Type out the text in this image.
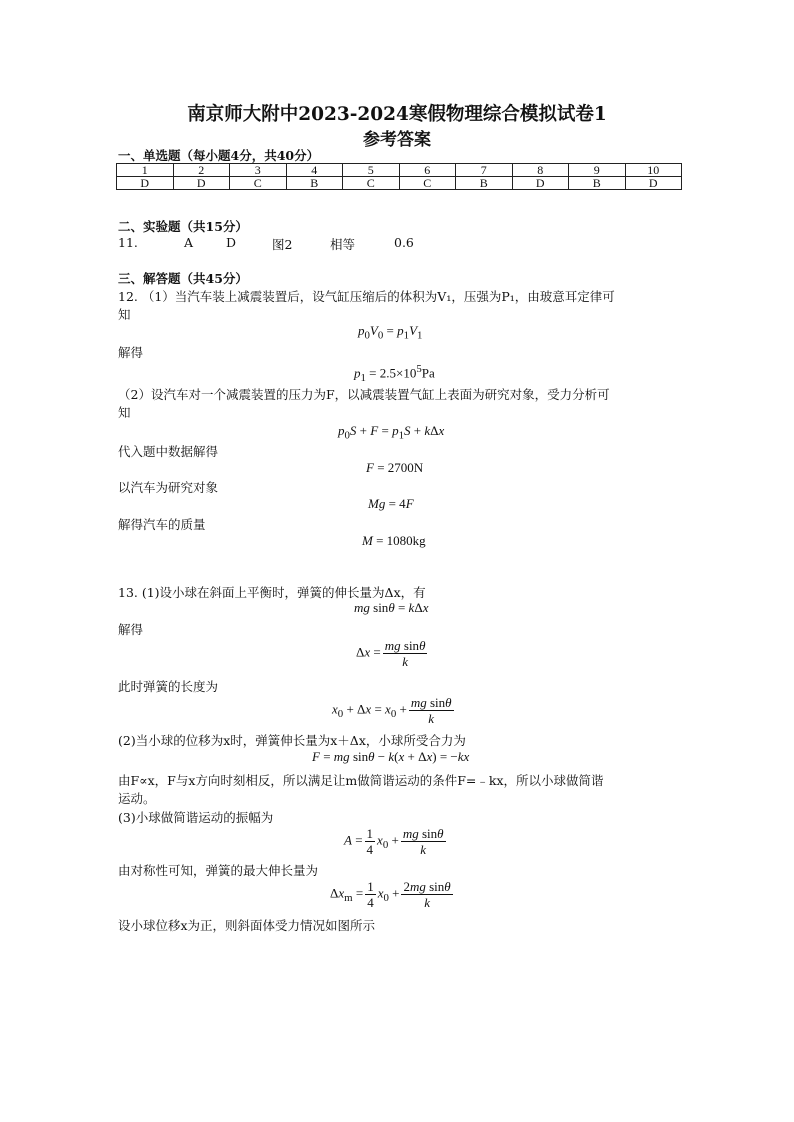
南京师大附中2023-2024寒假物理综合模拟试卷1
参考答案
一、单选题（每小题4分，共40分）
1	2	3	4	5	6	7	8	9	10
D	D	C	B	C	C	B	D	B	D
二、实验题（共15分）
11.	A	D	图2	相等	0.6
三、解答题（共45分）
12. （1）当汽车装上减震装置后，设气缸压缩后的体积为V₁，压强为P₁，由玻意耳定律可
知
$p_0V_0 = p_1V_1$
解得
$p_1 = 2.5\times 10^5Pa$
（2）设汽车对一个减震装置的压力为F，以减震装置气缸上表面为研究对象，受力分析可
知
$p_0S + F = p_1S + k\Delta x$
代入题中数据解得
F = 2700N
以汽车为研究对象
Mg = 4F
解得汽车的质量
M = 1080kg
13. (1)设小球在斜面上平衡时，弹簧的伸长量为Δx，有
mg sinθ = kΔx
解得
$\Delta x = \frac{\text{mg sinθ}}{k}$
此时弹簧的长度为
$x_0 + \Delta x = x_0 + \frac{\text{mg sinθ}}{k}$
(2)当小球的位移为x时，弹簧伸长量为x＋Δx，小球所受合力为
F = mg sinθ − k(x + Δx) = −kx
由F∝x，F与x方向时刻相反，所以满足让m做简谐运动的条件F=﹣kx，所以小球做简谐
运动。
(3)小球做简谐运动的振幅为
$A = \frac{1}{4} x_0 + \frac{\text{mg sinθ}}{k}$
由对称性可知，弹簧的最大伸长量为
$\Delta x_m = \frac{1}{4} x_0 + \frac{\text{2mg sinθ}}{k}$
设小球位移x为正，则斜面体受力情况如图所示
